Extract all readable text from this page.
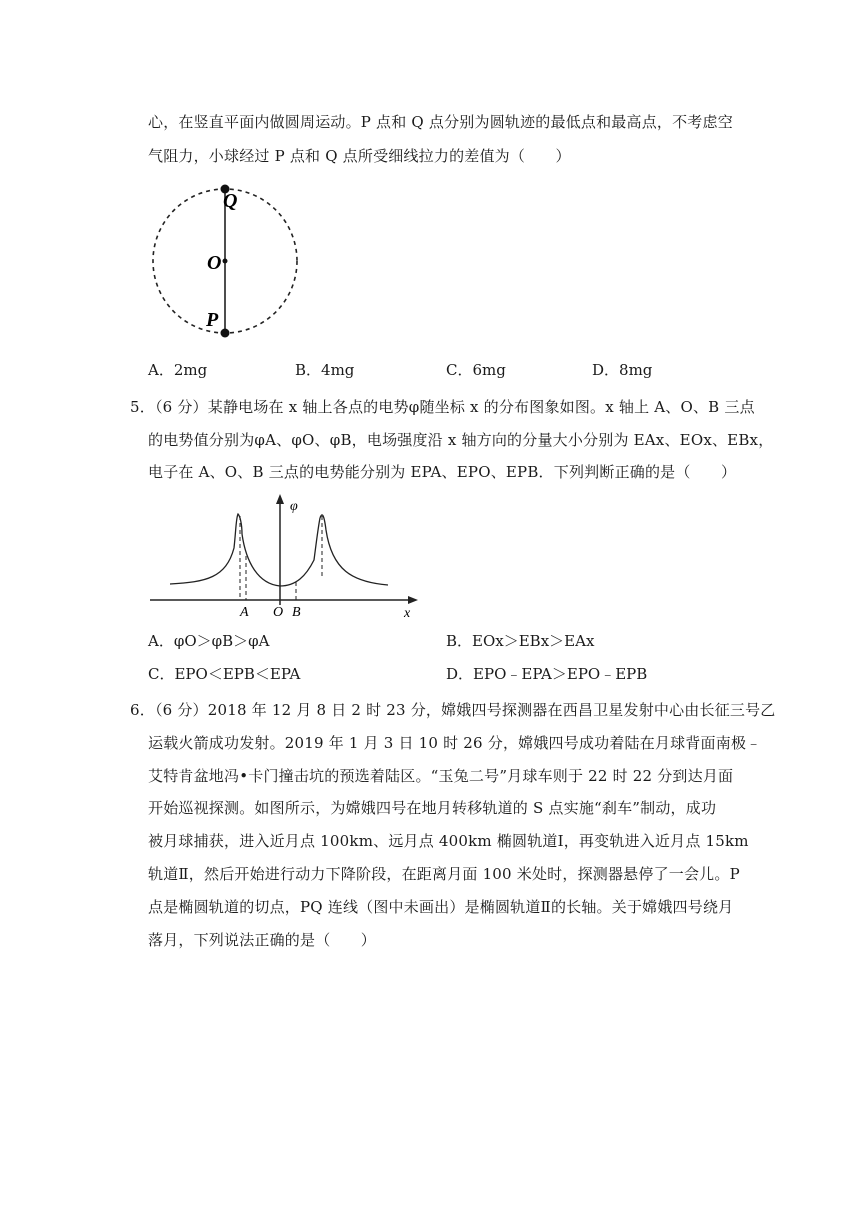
心，在竖直平面内做圆周运动。P 点和 Q 点分别为圆轨迹的最低点和最高点，不考虑空
气阻力，小球经过 P 点和 Q 点所受细线拉力的差值为（　　）
Q
O
P
A．2mg	B．4mg	C．6mg	D．8mg
5．（6 分）某静电场在 x 轴上各点的电势φ随坐标 x 的分布图象如图。x 轴上 A、O、B 三点
的电势值分别为φA、φO、φB，电场强度沿 x 轴方向的分量大小分别为 EAx、EOx、EBx，
电子在 A、O、B 三点的电势能分别为 EPA、EPO、EPB．下列判断正确的是（　　）
φ
x
A O B
A．φO＞φB＞φA	B．EOx＞EBx＞EAx
C．EPO＜EPB＜EPA	D．EPO﹣EPA＞EPO﹣EPB
6．（6 分）2018 年 12 月 8 日 2 时 23 分，嫦娥四号探测器在西昌卫星发射中心由长征三号乙
运载火箭成功发射。2019 年 1 月 3 日 10 时 26 分，嫦娥四号成功着陆在月球背面南极﹣
艾特肯盆地冯•卡门撞击坑的预选着陆区。“玉兔二号”月球车则于 22 时 22 分到达月面
开始巡视探测。如图所示，为嫦娥四号在地月转移轨道的 S 点实施“刹车”制动，成功
被月球捕获，进入近月点 100km、远月点 400km 椭圆轨道Ⅰ，再变轨进入近月点 15km
轨道Ⅱ，然后开始进行动力下降阶段，在距离月面 100 米处时，探测器悬停了一会儿。P
点是椭圆轨道的切点，PQ 连线（图中未画出）是椭圆轨道Ⅱ的长轴。关于嫦娥四号绕月
落月，下列说法正确的是（　　）
